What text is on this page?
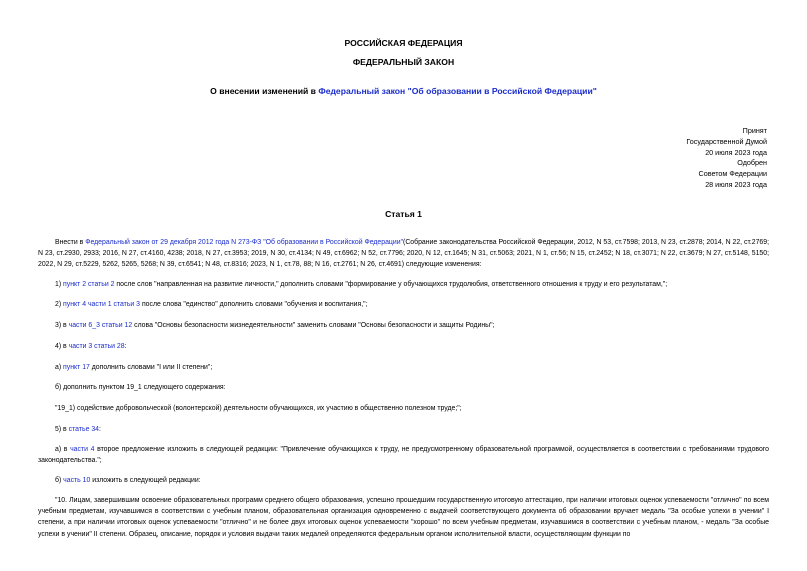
РОССИЙСКАЯ ФЕДЕРАЦИЯ
ФЕДЕРАЛЬНЫЙ ЗАКОН
О внесении изменений в Федеральный закон "Об образовании в Российской Федерации"
Принят
Государственной Думой
20 июля 2023 года
Одобрен
Советом Федерации
28 июля 2023 года
Статья 1
Внести в Федеральный закон от 29 декабря 2012 года N 273-ФЗ "Об образовании в Российской Федерации"(Собрание законодательства Российской Федерации, 2012, N 53, ст.7598; 2013, N 23, ст.2878; 2014, N 22, ст.2769; N 23, ст.2930, 2933; 2016, N 27, ст.4160, 4238; 2018, N 27, ст.3953; 2019, N 30, ст.4134; N 49, ст.6962; N 52, ст.7796; 2020, N 12, ст.1645; N 31, ст.5063; 2021, N 1, ст.56; N 15, ст.2452; N 18, ст.3071; N 22, ст.3679; N 27, ст.5148, 5150; 2022, N 29, ст.5229, 5262, 5265, 5268; N 39, ст.6541; N 48, ст.8316; 2023, N 1, ст.78, 88; N 16, ст.2761; N 26, ст.4691) следующие изменения:
1) пункт 2 статьи 2 после слов "направленная на развитие личности," дополнить словами "формирование у обучающихся трудолюбия, ответственного отношения к труду и его результатам,";
2) пункт 4 части 1 статьи 3 после слова "единство" дополнить словами "обучения и воспитания,";
3) в части 6_3 статьи 12 слова "Основы безопасности жизнедеятельности" заменить словами "Основы безопасности и защиты Родины";
4) в части 3 статьи 28:
а) пункт 17 дополнить словами "I или II степени";
б) дополнить пунктом 19_1 следующего содержания:
"19_1) содействие добровольческой (волонтерской) деятельности обучающихся, их участию в общественно полезном труде;";
5) в статье 34:
а) в части 4 второе предложение изложить в следующей редакции: "Привлечение обучающихся к труду, не предусмотренному образовательной программой, осуществляется в соответствии с требованиями трудового законодательства.";
б) часть 10 изложить в следующей редакции:
"10. Лицам, завершившим освоение образовательных программ среднего общего образования, успешно прошедшим государственную итоговую аттестацию, при наличии итоговых оценок успеваемости "отлично" по всем учебным предметам, изучавшимся в соответствии с учебным планом, образовательная организация одновременно с выдачей соответствующего документа об образовании вручает медаль "За особые успехи в учении" I степени, а при наличии итоговых оценок успеваемости "отлично" и не более двух итоговых оценок успеваемости "хорошо" по всем учебным предметам, изучавшимся в соответствии с учебным планом, - медаль "За особые успехи в учении" II степени. Образец, описание, порядок и условия выдачи таких медалей определяются федеральным органом исполнительной власти, осуществляющим функции по
